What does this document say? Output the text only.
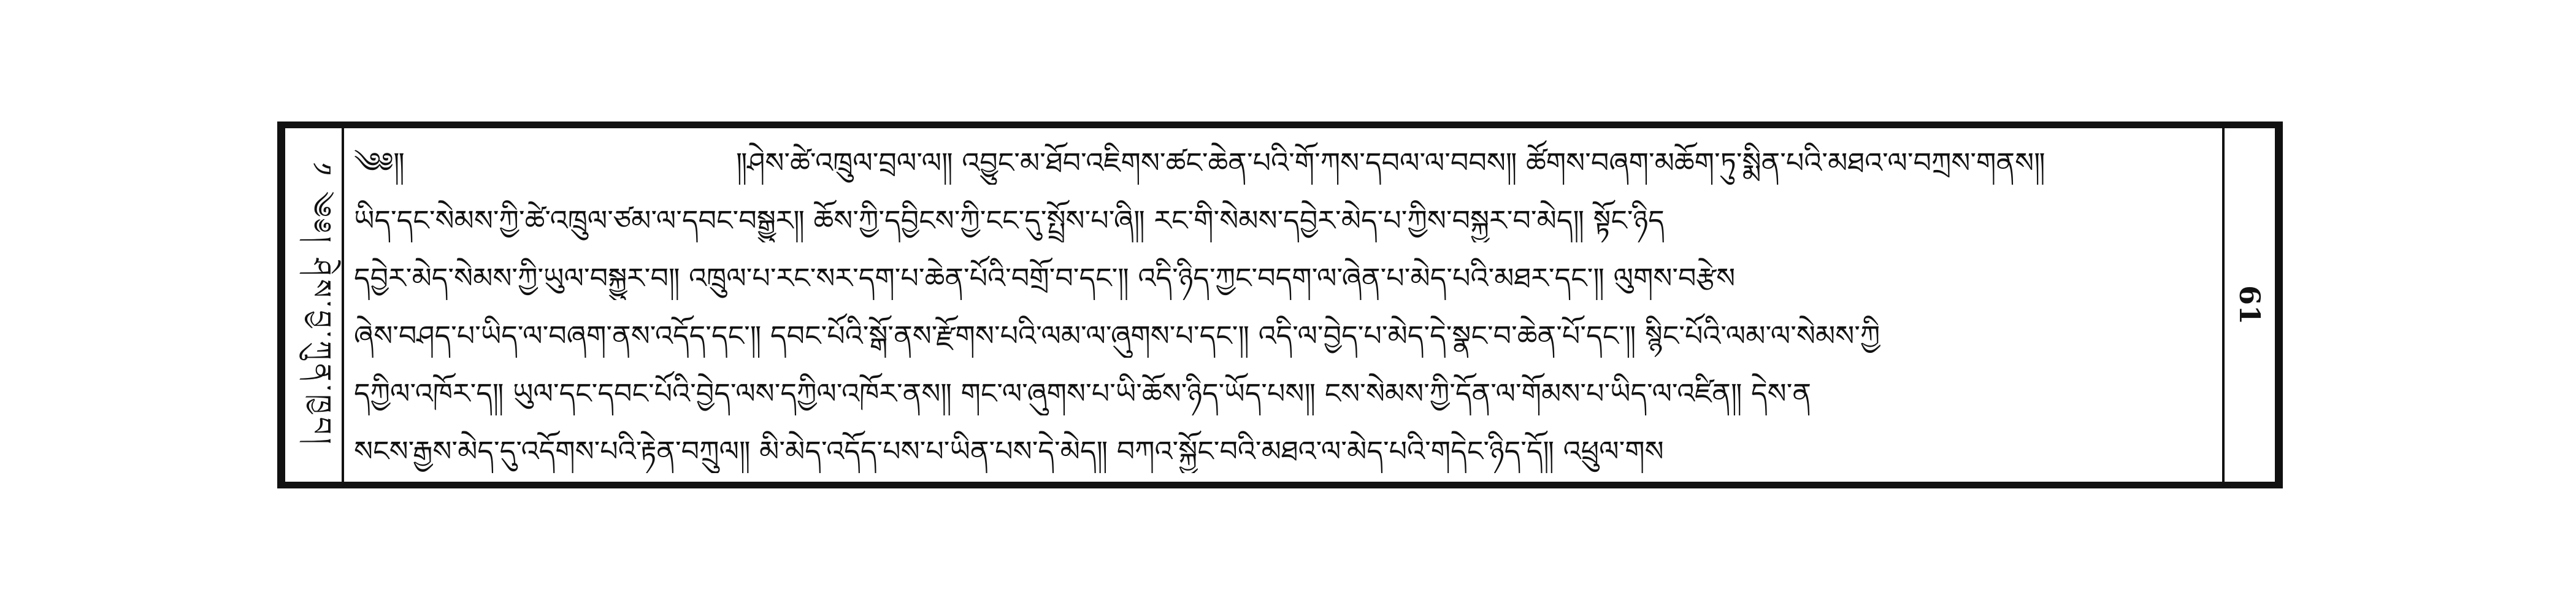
༡ ༄༅། ཤེས་བྱ་ཀུན་ཁྱབ། ༄༅༎	༎ཤེས་ཚེ་འཁྲུལ་བྲལ་ལ༎ འབྱུང་མ་ཐོབ་འཇིགས་ཚང་ཆེན་པའི་གོ་ཀས་དབལ་ལ་བབས༎ ཚོགས་བཞག་མཆོག་ཏུ་སྨིན་པའི་མཐའ་ལ་བཀྲས་གནས༎
ཡིད་དང་སེམས་ཀྱི་ཚེ་འཁྲུལ་ཙམ་ལ་དབང་བསྒྱུར༎ ཆོས་ཀྱི་དབྱིངས་ཀྱི་ངང་དུ་སྤྲོས་པ་ཞི༎ རང་གི་སེམས་དབྱེར་མེད་པ་ཀྱིས་བསྐྱར་བ་མེད༎ སྟོང་ཉིད
དབྱེར་མེད་སེམས་ཀྱི་ཡུལ་བསྐྱུར་བ༎ འཁྲུལ་པ་རང་སར་དག་པ་ཆེན་པོའི་བགྲོ་བ་དང་༎ འདི་ཉིད་ཀྱང་བདག་ལ་ཞེན་པ་མེད་པའི་མཐར་དང་༎ ལུགས་བརྩེས
ཞེས་བཤད་པ་ཡིད་ལ་བཞག་ནས་འདོད་དང་༎ དབང་པོའི་སྒོ་ནས་རྫོགས་པའི་ལམ་ལ་ཞུགས་པ་དང་༎ འདི་ལ་བྱེད་པ་མེད་དེ་སྣང་བ་ཆེན་པོ་དང་༎ སྙིང་པོའི་ལམ་ལ་སེམས་ཀྱི
དཀྱིལ་འཁོར་ད༎ ཡུལ་དང་དབང་པོའི་བྱེད་ལས་དཀྱིལ་འཁོར་ནས༎ གང་ལ་ཞུགས་པ་ཡི་ཆོས་ཉིད་ཡོད་པས༎ ངས་སེམས་ཀྱི་དོན་ལ་གོམས་པ་ཡིད་ལ་འཛིན༎ དེས་ན
སངས་རྒྱས་མེད་དུ་འདོགས་པའི་རྟེན་བཀྲུལ༎ མི་མེད་འདོད་པས་པ་ཡིན་པས་དེ་མེད༎ བཀའ་སྐྱོང་བའི་མཐའ་ལ་མེད་པའི་གདེང་ཉིད་དོ༎ འཕྲུལ་གས
61
